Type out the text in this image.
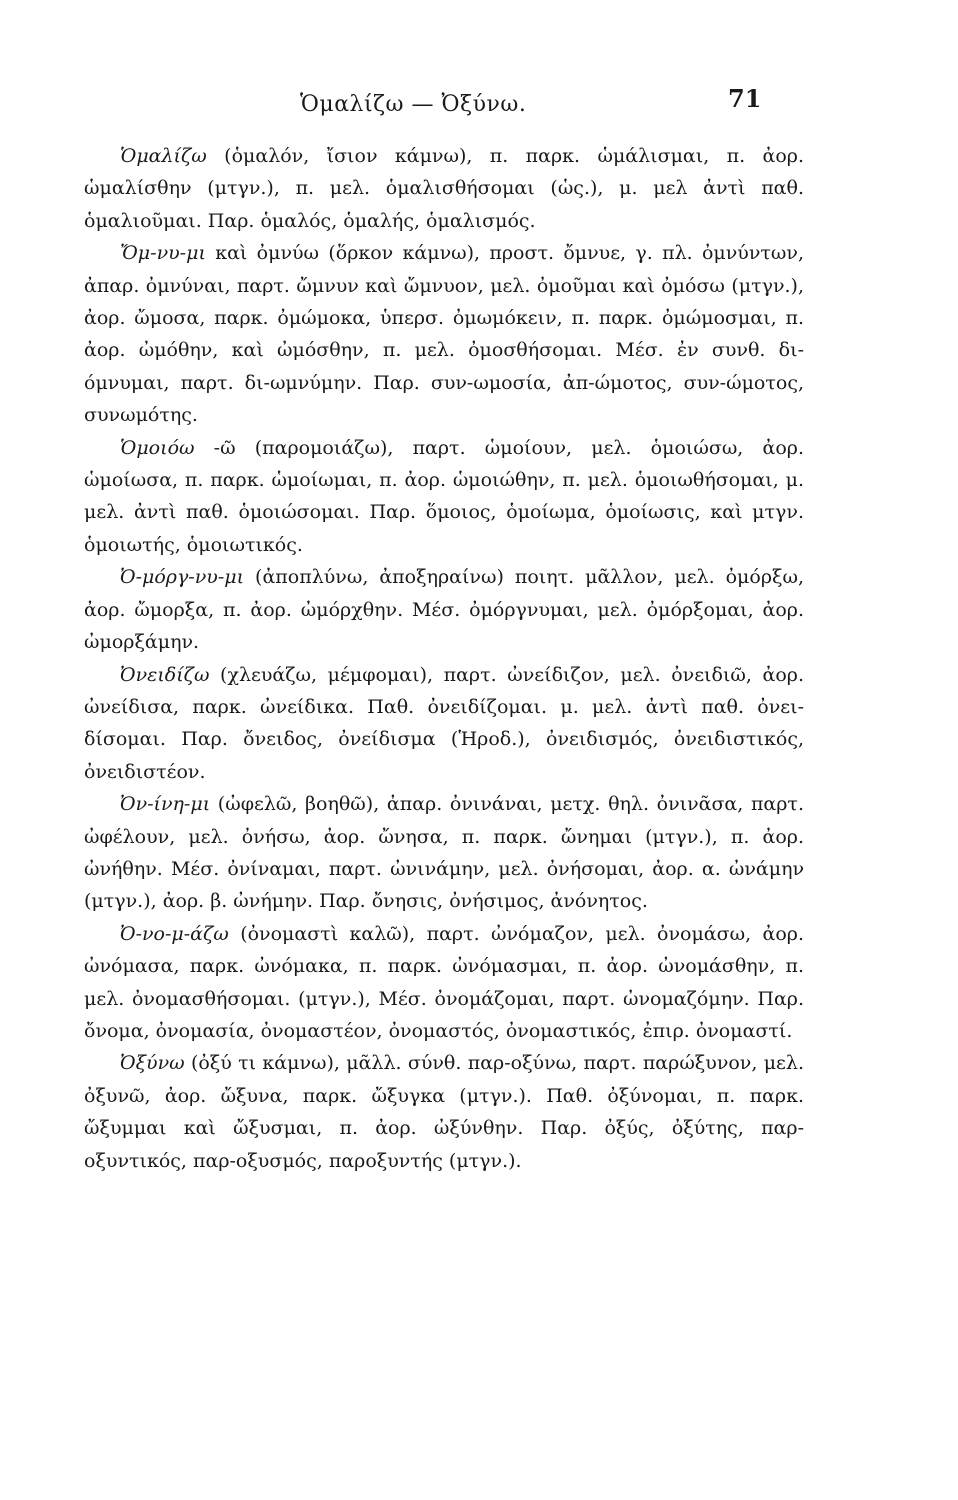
Ὁμαλίζω — Ὀξύνω.	71

Ὁμαλίζω (ὁμαλόν, ἴσιον κάμνω), π. παρκ. ὡμάλισμαι, π. ἀορ. ὡμαλίσθην (μτγν.), π. μελ. ὁμαλισθήσομαι (ὡς.), μ. μελ ἀντὶ παθ. ὁμαλιοῦμαι. Παρ. ὁμαλός, ὁμαλής, ὁμαλισμός.

Ὄμ-νυ-μι καὶ ὀμνύω (ὅρκον κάμνω), προστ. ὄμνυε, γ. πλ. ὀμνύντων, ἀπαρ. ὀμνύναι, παρτ. ὤμνυν καὶ ὤμνυον, μελ. ὀμοῦμαι καὶ ὀμόσω (μτγν.), ἀορ. ὤμοσα, παρκ. ὀμώμοκα, ὑπερσ. ὀμωμόκειν, π. παρκ. ὀμώμοσμαι, π. ἀορ. ὠμόθην, καὶ ὠμόσθην, π. μελ. ὀμοσθήσομαι. Μέσ. ἐν συνθ. δι-όμνυμαι, παρτ. δι-ωμνύμην. Παρ. συν-ωμοσία, ἀπ-ώμοτος, συν-ώμοτος, συνωμότης.

Ὁμοιόω -ῶ (παρομοιάζω), παρτ. ὡμοίουν, μελ. ὁμοιώσω, ἀορ. ὡμοίωσα, π. παρκ. ὡμοίωμαι, π. ἀορ. ὡμοιώθην, π. μελ. ὁμοιωθήσομαι, μ. μελ. ἀντὶ παθ. ὁμοιώσομαι. Παρ. ὅμοιος, ὁμοίωμα, ὁμοίωσις, καὶ μτγν. ὁμοιωτής, ὁμοιωτικός.

Ὀ-μόργ-νυ-μι (ἀποπλύνω, ἀποξηραίνω) ποιητ. μᾶλλον, μελ. ὀμόρξω, ἀορ. ὤμορξα, π. ἀορ. ὠμόρχθην. Μέσ. ὀμόργνυμαι, μελ. ὀμόρξομαι, ἀορ. ὠμορξάμην.

Ὀνειδίζω (χλευάζω, μέμφομαι), παρτ. ὠνείδιζον, μελ. ὀνειδιῶ, ἀορ. ὠνείδισα, παρκ. ὠνείδικα. Παθ. ὀνειδίζομαι. μ. μελ. ἀντὶ παθ. ὀνει-δίσομαι. Παρ. ὄνειδος, ὀνείδισμα (Ἡροδ.), ὀνειδισμός, ὀνειδιστικός, ὀνειδιστέον.

Ὀν-ίνη-μι (ὠφελῶ, βοηθῶ), ἀπαρ. ὀνινάναι, μετχ. θηλ. ὀνινᾶσα, παρτ. ὠφέλουν, μελ. ὀνήσω, ἀορ. ὤνησα, π. παρκ. ὤνημαι (μτγν.), π. ἀορ. ὠνήθην. Μέσ. ὀνίναμαι, παρτ. ὠνινάμην, μελ. ὀνήσομαι, ἀορ. α. ὠνάμην (μτγν.), ἀορ. β. ὠνήμην. Παρ. ὄνησις, ὀνήσιμος, ἀνόνητος.

Ὀ-νο-μ-άζω (ὀνομαστὶ καλῶ), παρτ. ὠνόμαζον, μελ. ὀνομάσω, ἀορ. ὠνόμασα, παρκ. ὠνόμακα, π. παρκ. ὠνόμασμαι, π. ἀορ. ὠνομάσθην, π. μελ. ὀνομασθήσομαι. (μτγν.), Μέσ. ὀνομάζομαι, παρτ. ὠνομαζόμην. Παρ. ὄνομα, ὀνομασία, ὀνομαστέον, ὀνομαστός, ὀνομαστικός, ἐπιρ. ὀνομαστί.

Ὀξύνω (ὀξύ τι κάμνω), μᾶλλ. σύνθ. παρ-οξύνω, παρτ. παρώξυνον, μελ. ὀξυνῶ, ἀορ. ὤξυνα, παρκ. ὤξυγκα (μτγν.). Παθ. ὀξύνομαι, π. παρκ. ὤξυμμαι καὶ ὤξυσμαι, π. ἀορ. ὠξύνθην. Παρ. ὀξύς, ὀξύτης, παρ-οξυντικός, παρ-οξυσμός, παροξυντής (μτγν.).
